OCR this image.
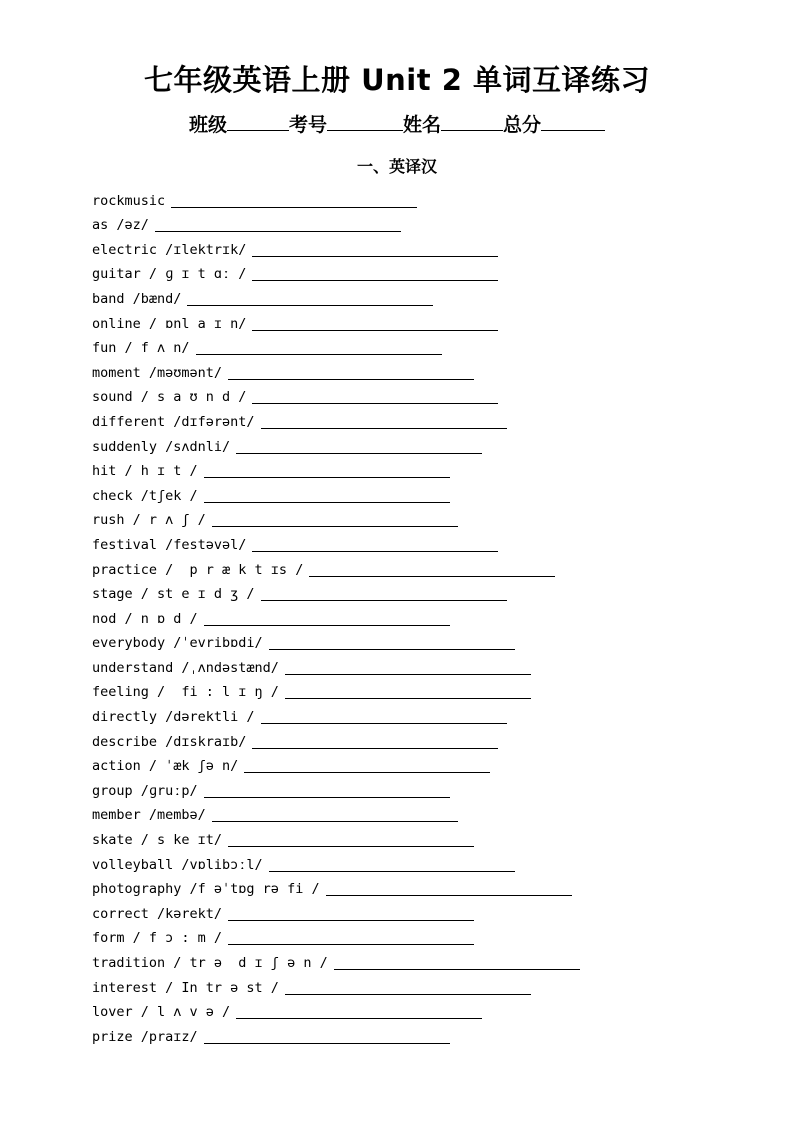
七年级英语上册 Unit 2 单词互译练习
班级	考号	姓名	总分
一、英译汉
rockmusic
as /əz/
electric /ɪlektrɪk/
guitar / ɡ ɪ t ɑː /
band /bænd/
online / ɒnl a ɪ n/
fun / f ʌ n/
moment /məʊmənt/
sound / s a ʊ n d /
different /dɪfərənt/
suddenly /sʌdnli/
hit / h ɪ t /
check /tʃek /
rush / r ʌ ʃ /
festival /festəvəl/
practice /  p r æ k t ɪs /
stage / st e ɪ d ʒ /
nod / n ɒ d /
everybody /ˈevribɒdi/
understand /ˌʌndəstænd/
feeling /  fi : l ɪ ŋ /
directly /dərektli /
describe /dɪskraɪb/
action / ˈæk ʃə n/
group /ɡruːp/
member /membə/
skate / s ke ɪt/
volleyball /vɒlibɔːl/
photography /f əˈtɒg rə fi /
correct /kərekt/
form / f ɔ : m /
tradition / tr ə  d ɪ ʃ ə n /
interest / In tr ə st /
lover / l ʌ v ə /
prize /praɪz/
